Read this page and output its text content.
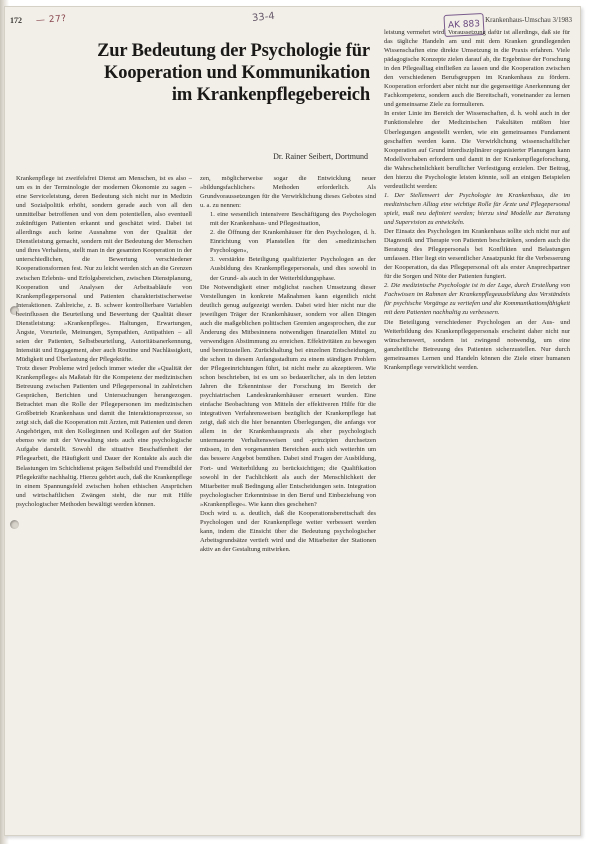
172 — 27?	33-4	Krankenhaus-Umschau 3/1983
AK 883
Zur Bedeutung der Psychologie für
Kooperation und Kommunikation
im Krankenpflegebereich
Dr. Rainer Seibert, Dortmund

Krankenpflege ist zweifelsfrei Dienst am Menschen, ist es also – um es in der Terminologie der modernen Ökonomie zu sagen – eine Serviceleistung, deren Bedeutung sich nicht nur in Medizin und Sozialpolitik erhöht, sondern gerade auch von all den unmittelbar betroffenen und von dem potentiellen, also eventuell zukünftigen Patienten erkannt und geschätzt wird. Dabei ist allerdings auch keine Ausnahme von der Qualität der Dienstleistung gemacht, sondern mit der Bedeutung der Menschen und ihres Verhaltens, stellt man in der gesamten Kooperation in der unterschiedlichen, die Bewertung verschiedener Kooperationsformen fest. Nur zu leicht werden sich an die Grenzen zwischen Erlebnis- und Erfolgsbereichen, zwischen Dienstplanung, Kooperation und Analysen der Arbeitsabläufe von Krankenpflegepersonal und Patienten charakteristischerweise Interaktionen. Zahlreiche, z. B. schwer kontrollierbare Variablen beeinflussen die Beurteilung und Bewertung der Qualität dieser Dienstleistung: »Krankenpflege«. Haltungen, Erwartungen, Ängste, Vorurteile, Meinungen, Sympathien, Antipathien – all seien der Patienten, Selbstbeurteilung, Autoritätsanerkennung, Intensität und Engagement, aber auch Routine und Nachlässigkeit, Müdigkeit und Überlastung der Pflegekräfte.

Trotz dieser Probleme wird jedoch immer wieder die »Qualität der Krankenpflege« als Maßstab für die Kompetenz der medizinischen Betreuung zwischen Patienten und Pflegepersonal in zahlreichen Gesprächen, Berichten und Untersuchungen herangezogen. Betrachtet man die Rolle der Pflegepersonen im medizinischen Großbetrieb Krankenhaus und damit die Interaktionsprozesse, so zeigt sich, daß die Kooperation mit Ärzten, mit Patienten und deren Angehörigen, mit den Kolleginnen und Kollegen auf der Station ebenso wie mit der Verwaltung stets auch eine psychologische Aufgabe darstellt. Sowohl die situative Beschaffenheit der Pflegearbeit, die Häufigkeit und Dauer der Kontakte als auch die Belastungen im Schichtdienst prägen Selbstbild und Fremdbild der Pflegekräfte nachhaltig. Hierzu gehört auch, daß die Krankenpflege in einem Spannungsfeld zwischen hohen ethischen Ansprüchen und wirtschaftlichen Zwängen steht, die nur mit Hilfe psychologischer Methoden bewältigt werden können.

zen, möglicherweise sogar die Entwicklung neuer »bildungsfachlicher« Methoden erforderlich. Als Grundvoraussetzungen für die Verwirklichung dieses Gebotes sind u. a. zu nennen:

1. eine wesentlich intensivere Beschäftigung des Psychologen mit der Krankenhaus- und Pflegesituation,
2. die Öffnung der Krankenhäuser für den Psychologen, d. h. Einrichtung von Planstellen für den »medizinischen Psychologen«,
3. verstärkte Beteiligung qualifizierter Psychologen an der Ausbildung des Krankenpflegepersonals, und dies sowohl in der Grund- als auch in der Weiterbildungsphase.

Die Notwendigkeit einer möglichst raschen Umsetzung dieser Vorstellungen in konkrete Maßnahmen kann eigentlich nicht deutlich genug aufgezeigt werden. Dabei wird hier nicht nur die jeweiligen Träger der Krankenhäuser, sondern vor allen Dingen auch die maßgeblichen politischen Gremien angesprochen, die zur Änderung des Mitbesinnens notwendigen finanziellen Mittel zu verwendigen Abstimmung zu erreichen. Effektivitäten zu bewegen und bereitzustellen. Zurückhaltung bei einzelnen Entscheidungen, die schon in diesem Anfangsstadium zu einem ständigen Problem der Pflegeeinrichtungen führt, ist nicht mehr zu akzeptieren. Wie schon beschrieben, ist es um so bedauerlicher, als in den letzten Jahren die Erkenntnisse der Forschung im Bereich der psychiatrischen Landeskrankenhäuser erneuert wurden. Eine einfache Beobachtung von Mitteln der effektiveren Hilfe für die integrativen Verfahrensweisen bezüglich der Krankenpflege hat zeigt, daß sich die hier benannten Überlegungen, die anfangs vor allem in der Krankenhauspraxis als eher psychologisch untermauerte Verhaltensweisen und -prinzipien durchsetzen müssen, in den vorgenannten Bereichen auch sich weiterhin um das bessere Angebot bemühen. Dabei sind Fragen der Ausbildung, Fort- und Weiterbildung zu berücksichtigen; die Qualifikation sowohl in der Fachlichkeit als auch der Menschlichkeit der Mitarbeiter muß Bedingung aller Entscheidungen sein. Integration psychologischer Erkenntnisse in den Beruf und Einbeziehung von »Krankenpflege«. Wie kann dies geschehen?

Doch wird u. a. deutlich, daß die Kooperationsbereitschaft des Psychologen und der Krankenpflege weiter verbessert werden kann, indem die Einsicht über die Bedeutung psychologischer Arbeitsgrundsätze vertieft wird und die Mitarbeiter der Stationen aktiv an der Gestaltung mitwirken.

leistung vermehrt wird. Voraussetzung dafür ist allerdings, daß sie für das tägliche Handeln am und mit dem Kranken grundlegenden Wissenschaften eine direkte Umsetzung in die Praxis erfahren. Viele pädagogische Konzepte zielen darauf ab, die Ergebnisse der Forschung in den Pflegealltag einfließen zu lassen und die Kooperation zwischen den verschiedenen Berufsgruppen im Krankenhaus zu fördern. Kooperation erfordert aber nicht nur die gegenseitige Anerkennung der Fachkompetenz, sondern auch die Bereitschaft, voneinander zu lernen und gemeinsame Ziele zu formulieren.

In erster Linie im Bereich der Wissenschaften, d. h. wohl auch in der Funktionslehre der Medizinischen Fakultäten müßten hier Überlegungen angestellt werden, wie ein gemeinsames Fundament geschaffen werden kann. Die Verwirklichung wissenschaftlicher Kooperation auf Grund interdisziplinärer organisierter Planungen kann Modellvorhaben erfordern und damit in der Krankenpflegeforschung, die Wahrscheinlichkeit beruflicher Verfestigung erzielen. Der Beitrag, den hierzu die Psychologie leisten könnte, soll an einigen Beispielen verdeutlicht werden:

1. Der Stellenwert der Psychologie im Krankenhaus, die im medizinischen Alltag eine wichtige Rolle für Ärzte und Pflegepersonal spielt, muß neu definiert werden; hierzu sind Modelle zur Beratung und Supervision zu entwickeln.

Der Einsatz des Psychologen im Krankenhaus sollte sich nicht nur auf Diagnostik und Therapie von Patienten beschränken, sondern auch die Beratung des Pflegepersonals bei Konflikten und Belastungen umfassen. Hier liegt ein wesentlicher Ansatzpunkt für die Verbesserung der Kooperation, da das Pflegepersonal oft als erster Ansprechpartner für die Sorgen und Nöte der Patienten fungiert.

2. Die medizinische Psychologie ist in der Lage, durch Erstellung von Fachwissen im Rahmen der Krankenpflegeausbildung das Verständnis für psychische Vorgänge zu vertiefen und die Kommunikationsfähigkeit mit dem Patienten nachhaltig zu verbessern.

Die Beteiligung verschiedener Psychologen an der Aus- und Weiterbildung des Krankenpflegepersonals erscheint daher nicht nur wünschenswert, sondern ist zwingend notwendig, um eine ganzheitliche Betreuung des Patienten sicherzustellen. Nur durch gemeinsames Lernen und Handeln können die Ziele einer humanen Krankenpflege verwirklicht werden.
